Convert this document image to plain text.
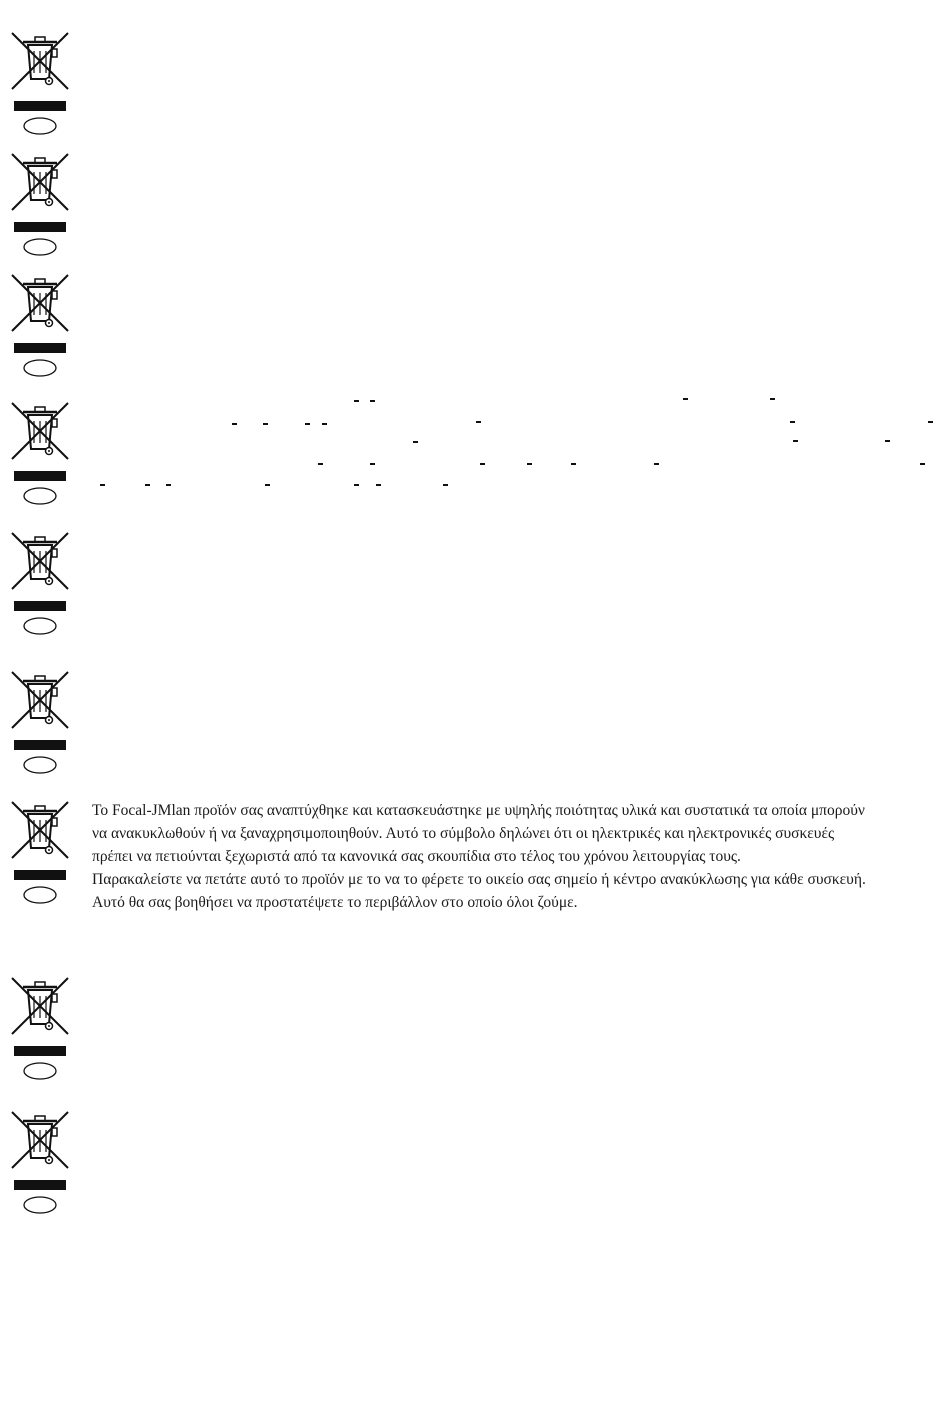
Το Focal-JMlan προϊόν σας αναπτύχθηκε και κατασκευάστηκε με υψηλής ποιότητας υλικά και συστατικά τα οποία μπορούν να ανακυκλωθούν ή να ξαναχρησιμοποιηθούν. Αυτό το σύμβολο δηλώνει ότι οι ηλεκτρικές και ηλεκτρονικές συσκευές πρέπει να πετιούνται ξεχωριστά από τα κανονικά σας σκουπίδια στο τέλος του χρόνου λειτουργίας τους.

Παρακαλείστε να πετάτε αυτό το προϊόν με το να το φέρετε το οικείο σας σημείο ή κέντρο ανακύκλωσης για κάθε συσκευή. Αυτό θα σας βοηθήσει να προστατέψετε το περιβάλλον στο οποίο όλοι ζούμε.
